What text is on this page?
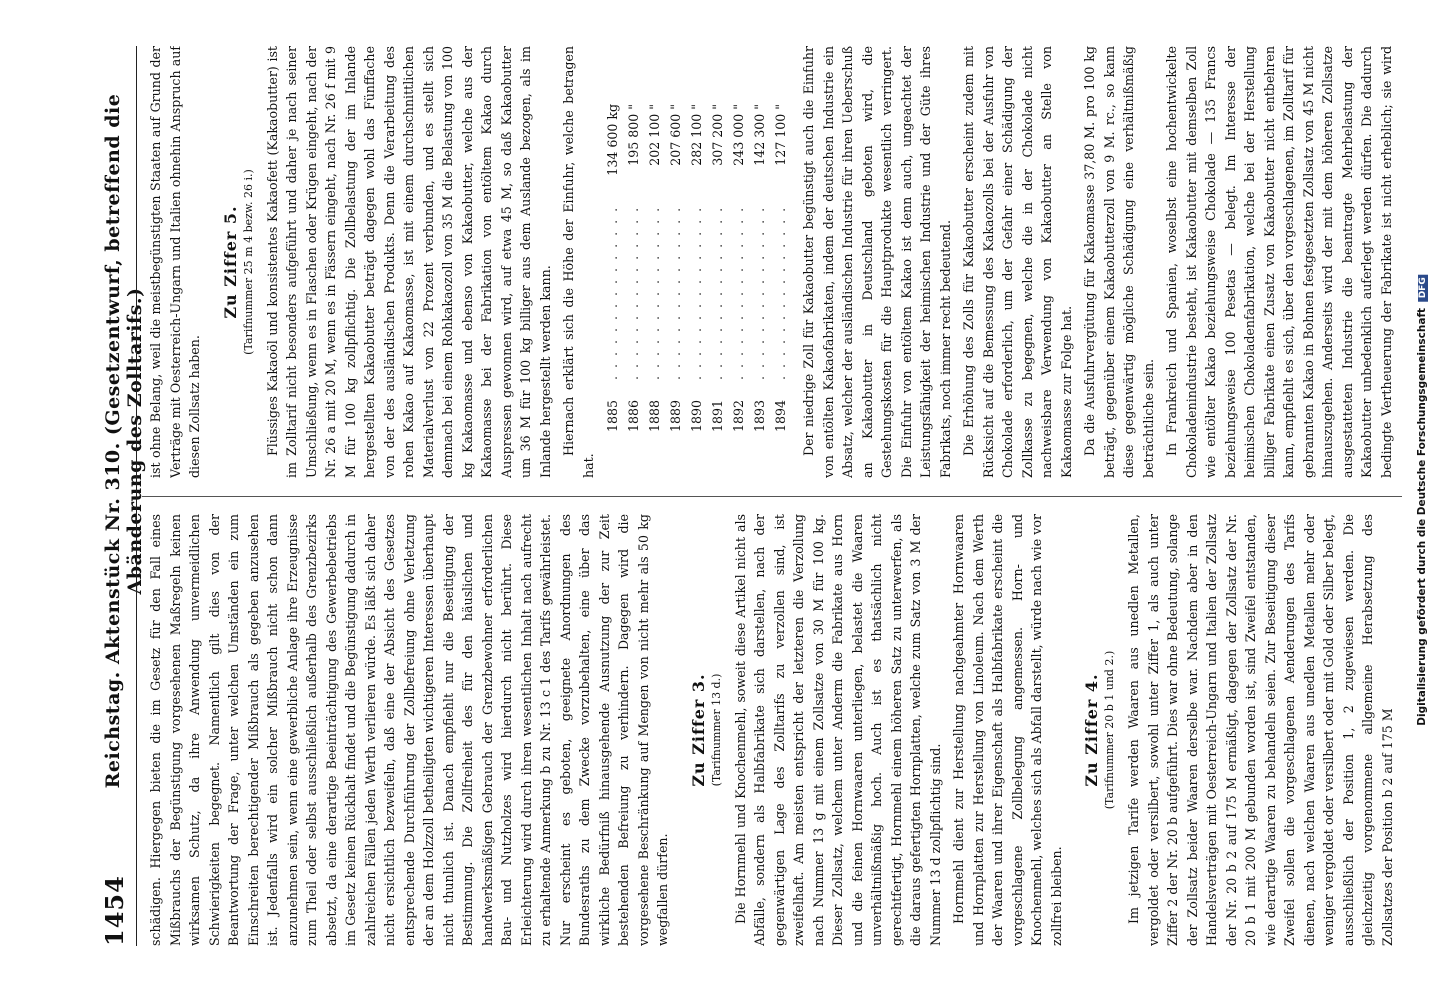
1454
Reichstag. Aktenstück Nr. 310. (Gesetzentwurf, betreffend die Abänderung des Zolltarifs.)

schädigen. Hiergegen bieten die im Gesetz für den Fall eines Mißbrauchs der Begünstigung vorgesehenen Maßregeln keinen wirksamen Schutz, da ihre Anwendung unvermeidlichen Schwierigkeiten begegnet. Namentlich gilt dies von der Beantwortung der Frage, unter welchen Umständen ein zum Einschreiten berechtigender Mißbrauch als gegeben anzusehen ist. Jedenfalls wird ein solcher Mißbrauch nicht schon dann anzunehmen sein, wenn eine gewerbliche Anlage ihre Erzeugnisse zum Theil oder selbst ausschließlich außerhalb des Grenzbezirks absetzt, da eine derartige Beeinträchtigung des Gewerbebetriebs im Gesetz keinen Rückhalt findet und die Begünstigung dadurch in zahlreichen Fällen jeden Werth verlieren würde. Es läßt sich daher nicht ersichtlich bezweifeln, daß eine der Absicht des Gesetzes entsprechende Durchführung der Zollbefreiung ohne Verletzung der an dem Holzzoll betheiligten wichtigeren Interessen überhaupt nicht thunlich ist. Danach empfiehlt nur die Beseitigung der Bestimmung. Die Zollfreiheit des für den häuslichen und handwerksmäßigen Gebrauch der Grenzbewohner erforderlichen Bau- und Nutzholzes wird hierdurch nicht berührt. Diese Erleichterung wird durch ihren wesentlichen Inhalt nach aufrecht zu erhaltende Anmerkung b zu Nr. 13 c 1 des Tarifs gewährleistet. Nur erscheint es geboten, geeignete Anordnungen des Bundesraths zu dem Zwecke vorzubehalten, eine über das wirkliche Bedürfniß hinausgehende Ausnutzung der zur Zeit bestehenden Befreiung zu verhindern. Dagegen wird die vorgesehene Beschränkung auf Mengen von nicht mehr als 50 kg wegfallen dürfen.

Zu Ziffer 3. (Tarifnummer 13 d.) Die Hornmehl und Knochenmehl, soweit diese Artikel nicht als Abfälle, sondern als Halbfabrikate sich darstellen, nach der gegenwärtigen Lage des Zolltarifs zu verzollen sind, ist zweifelhaft. Am meisten entspricht der letzteren die Verzollung nach Nummer 13 g mit einem Zollsatze von 30 M für 100 kg. Dieser Zollsatz, welchem unter Anderm die Fabrikate aus Horn und die feinen Hornwaaren unterliegen, belastet die Waaren unverhältnißmäßig hoch. Auch ist es thatsächlich nicht gerechtfertigt, Hornmehl einem höheren Satz zu unterwerfen, als die daraus gefertigten Hornplatten, welche zum Satz von 3 M der Nummer 13 d zollpflichtig sind. Hornmehl dient zur Herstellung nachgeahmter Hornwaaren und Hornplatten zur Herstellung von Linoleum. Nach dem Werth der Waaren und ihrer Eigenschaft als Halbfabrikate erscheint die vorgeschlagene Zollbelegung angemessen. Horn- und Knochenmehl, welches sich als Abfall darstellt, würde nach wie vor zollfrei bleiben.

Zu Ziffer 4. (Tarifnummer 20 b 1 und 2.) Im jetzigen Tarife werden Waaren aus unedlen Metallen, vergoldet oder versilbert, sowohl unter Ziffer 1, als auch unter Ziffer 2 der Nr. 20 b aufgeführt. Dies war ohne Bedeutung, solange der Zollsatz beider Waaren derselbe war. Nachdem aber in den Handelsverträgen mit Oesterreich-Ungarn und Italien der Zollsatz der Nr. 20 b 2 auf 175 M ermäßigt, dagegen der Zollsatz der Nr. 20 b 1 mit 200 M gebunden worden ist, sind Zweifel entstanden, wie derartige Waaren zu behandeln seien. Zur Beseitigung dieser Zweifel sollen die vorgeschlagenen Aenderungen des Tarifs dienen, nach welchen Waaren aus unedlen Metallen mehr oder weniger vergoldet oder versilbert oder mit Gold oder Silber belegt, ausschließlich der Position 1, 2 zugewiesen werden. Die gleichzeitig vorgenommene allgemeine Herabsetzung des Zollsatzes der Position b 2 auf 175 M

ist ohne Belang, weil die meistbegünstigten Staaten auf Grund der Verträge mit Oesterreich-Ungarn und Italien ohnehin Anspruch auf diesen Zollsatz haben.

Zu Ziffer 5. (Tarifnummer 25 m 4 bezw. 26 i.) Flüssiges Kakaoöl und konsistentes Kakaofett (Kakaobutter) ist im Zolltarif nicht besonders aufgeführt und daher je nach seiner Umschließung, wenn es in Flaschen oder Krügen eingeht, nach der Nr. 26 a mit 20 M, wenn es in Fässern eingeht, nach Nr. 26 f mit 9 M für 100 kg zollpflichtig. Die Zollbelastung der im Inlande hergestellten Kakaobutter beträgt dagegen wohl das Fünffache von der des ausländischen Produkts. Denn die Verarbeitung des rohen Kakao auf Kakaomasse, ist mit einem durchschnittlichen Materialverlust von 22 Prozent verbunden, und es stellt sich demnach bei einem Rohkakaozoll von 35 M die Belastung von 100 kg Kakaomasse und ebenso von Kakaobutter, welche aus der Kakaomasse bei der Fabrikation von entöltem Kakao durch Auspressen gewonnen wird, auf etwa 45 M, so daß Kakaobutter um 36 M für 100 kg billiger aus dem Auslande bezogen, als im Inlande hergestellt werden kann. Hiernach erklärt sich die Höhe der Einfuhr, welche betragen hat.

1885	. . . . . . . . . . . . . . .	134 600 kg
1886	. . . . . . . . . . . . . . .	195 800 "
1888	. . . . . . . . . . . . . . .	202 100 "
1889	. . . . . . . . . . . . . . .	207 600 "
1890	. . . . . . . . . . . . . . .	282 100 "
1891	. . . . . . . . . . . . . . .	307 200 "
1892	. . . . . . . . . . . . . . .	243 000 "
1893	. . . . . . . . . . . . . . .	142 300 "
1894	. . . . . . . . . . . . . . .	127 100 " Der niedrige Zoll für Kakaobutter begünstigt auch die Einfuhr von entölten Kakaofabrikaten, indem der deutschen Industrie ein Absatz, welcher der ausländischen Industrie für ihren Ueberschuß an Kakaobutter in Deutschland geboten wird, die Gestehungskosten für die Hauptprodukte wesentlich verringert. Die Einfuhr von entöltem Kakao ist denn auch, ungeachtet der Leistungsfähigkeit der heimischen Industrie und der Güte ihres Fabrikats, noch immer recht bedeutend. Die Erhöhung des Zolls für Kakaobutter erscheint zudem mit Rücksicht auf die Bemessung des Kakaozolls bei der Ausfuhr von Chokolade erforderlich, um der Gefahr einer Schädigung der Zollkasse zu begegnen, welche die in der Chokolade nicht nachweisbare Verwendung von Kakaobutter an Stelle von Kakaomasse zur Folge hat. Da die Ausfuhrvergütung für Kakaomasse 37,80 M. pro 100 kg beträgt, gegenüber einem Kakaobutterzoll von 9 M. rc., so kann diese gegenwärtig mögliche Schädigung eine verhältnißmäßig beträchtliche sein. In Frankreich und Spanien, woselbst eine hochentwickelte Chokoladenindustrie besteht, ist Kakaobutter mit demselben Zoll wie entölter Kakao beziehungsweise Chokolade — 135 Francs beziehungsweise 100 Pesetas — belegt. Im Interesse der heimischen Chokoladenfabrikation, welche bei der Herstellung billiger Fabrikate einen Zusatz von Kakaobutter nicht entbehren kann, empfiehlt es sich, über den vorgeschlagenen, im Zolltarif für gebrannten Kakao in Bohnen festgesetzten Zollsatz von 45 M nicht hinauszugehen. Anderseits wird der mit dem höheren Zollsatze ausgestatteten Industrie die beantragte Mehrbelastung der Kakaobutter unbedenklich auferlegt werden dürfen. Die dadurch bedingte Vertheuerung der Fabrikate ist nicht erheblich; sie wird

Digitalisierung gefördert durch die Deutsche Forschungsgemeinschaft DFG
